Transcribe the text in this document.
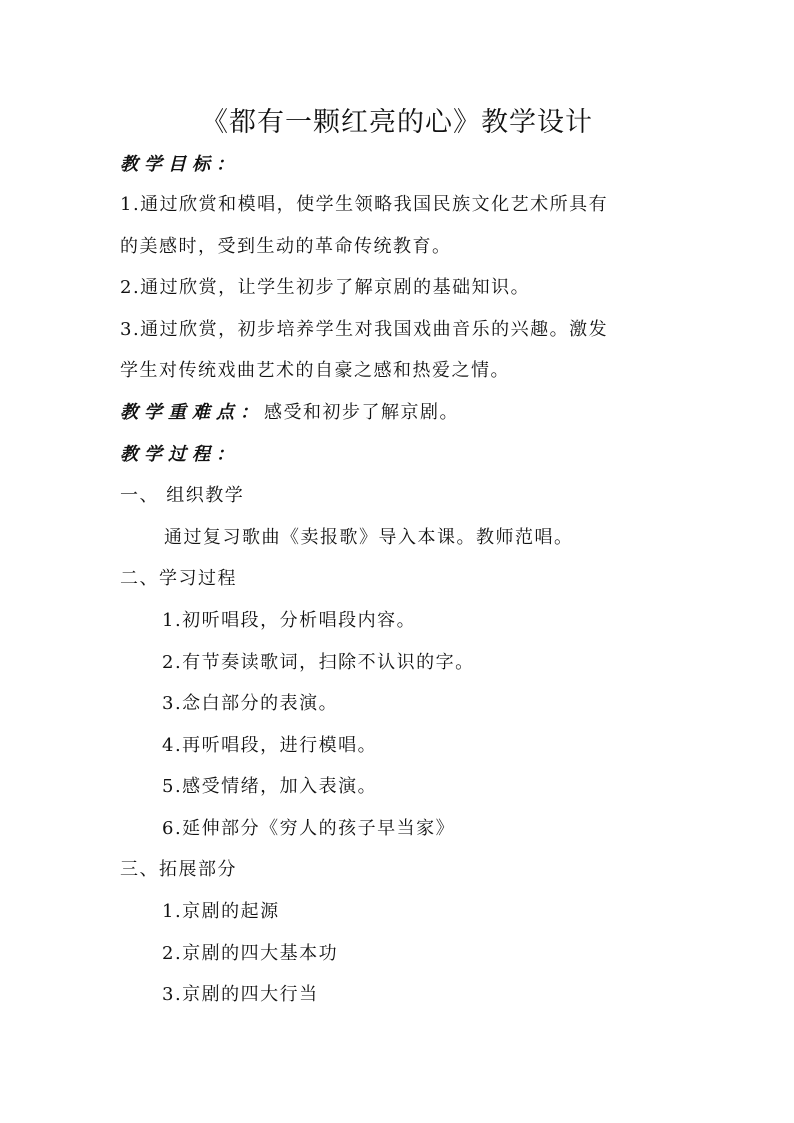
《都有一颗红亮的心》教学设计
教学目标：
1.通过欣赏和模唱，使学生领略我国民族文化艺术所具有
的美感时，受到生动的革命传统教育。
2.通过欣赏，让学生初步了解京剧的基础知识。
3.通过欣赏，初步培养学生对我国戏曲音乐的兴趣。激发
学生对传统戏曲艺术的自豪之感和热爱之情。
教学重难点：感受和初步了解京剧。
教学过程：
一、 组织教学
通过复习歌曲《卖报歌》导入本课。教师范唱。
二、学习过程
1.初听唱段，分析唱段内容。
2.有节奏读歌词，扫除不认识的字。
3.念白部分的表演。
4.再听唱段，进行模唱。
5.感受情绪，加入表演。
6.延伸部分《穷人的孩子早当家》
三、拓展部分
1.京剧的起源
2.京剧的四大基本功
3.京剧的四大行当
